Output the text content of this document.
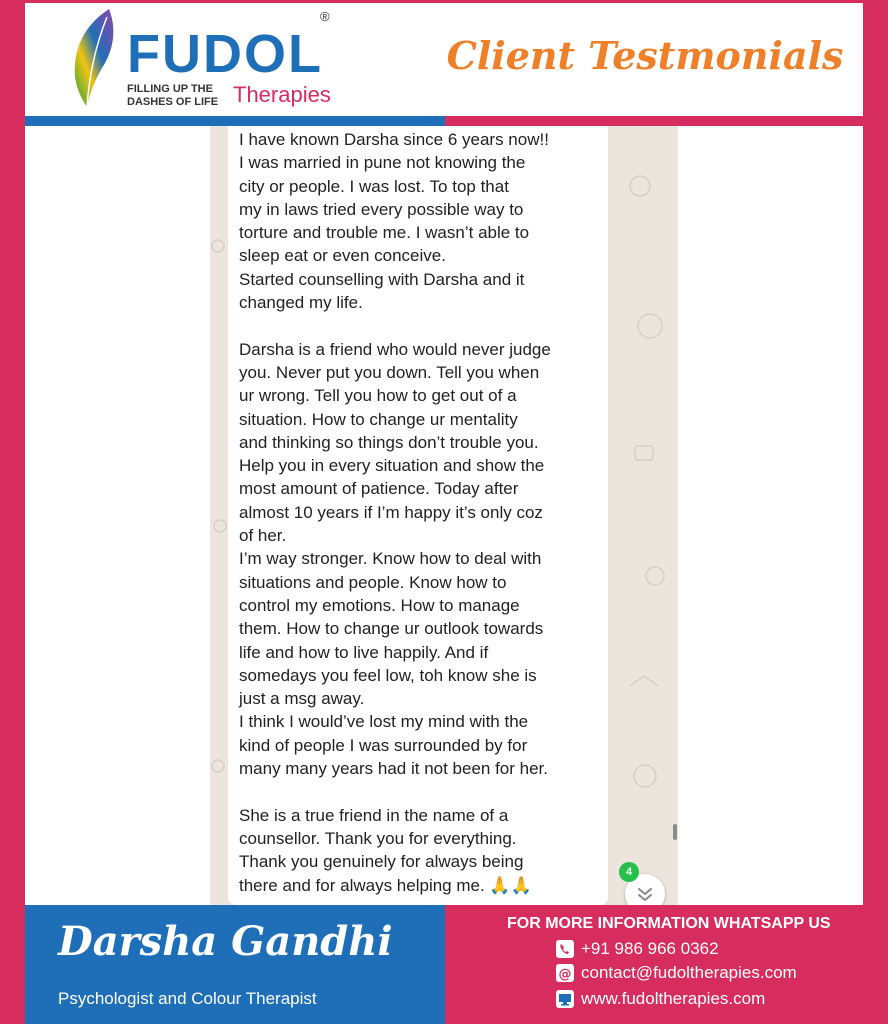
FUDOL
®
FILLING UP THE
DASHES OF LIFE Therapies
Client Testmonials

I have known Darsha since 6 years now!!

I was married in pune not knowing the

city or people. I was lost. To top that

my in laws tried every possible way to

torture and trouble me. I wasn’t able to

sleep eat or even conceive.

Started counselling with Darsha and it

changed my life.

Darsha is a friend who would never judge

you. Never put you down. Tell you when

ur wrong. Tell you how to get out of a

situation. How to change ur mentality

and thinking so things don’t trouble you.

Help you in every situation and show the

most amount of patience. Today after

almost 10 years if I’m happy it’s only coz

of her.

I’m way stronger. Know how to deal with

situations and people. Know how to

control my emotions. How to manage

them. How to change ur outlook towards

life and how to live happily. And if

somedays you feel low, toh know she is

just a msg away.

I think I would’ve lost my mind with the

kind of people I was surrounded by for

many many years had it not been for her.

She is a true friend in the name of a

counsellor. Thank you for everything.

Thank you genuinely for always being

there and for always helping me. 🙏🙏

4
Darsha Gandhi
Psychologist and Colour Therapist
FOR MORE INFORMATION WHATSAPP US
+91 986 966 0362
@ contact@fudoltherapies.com
www.fudoltherapies.com
